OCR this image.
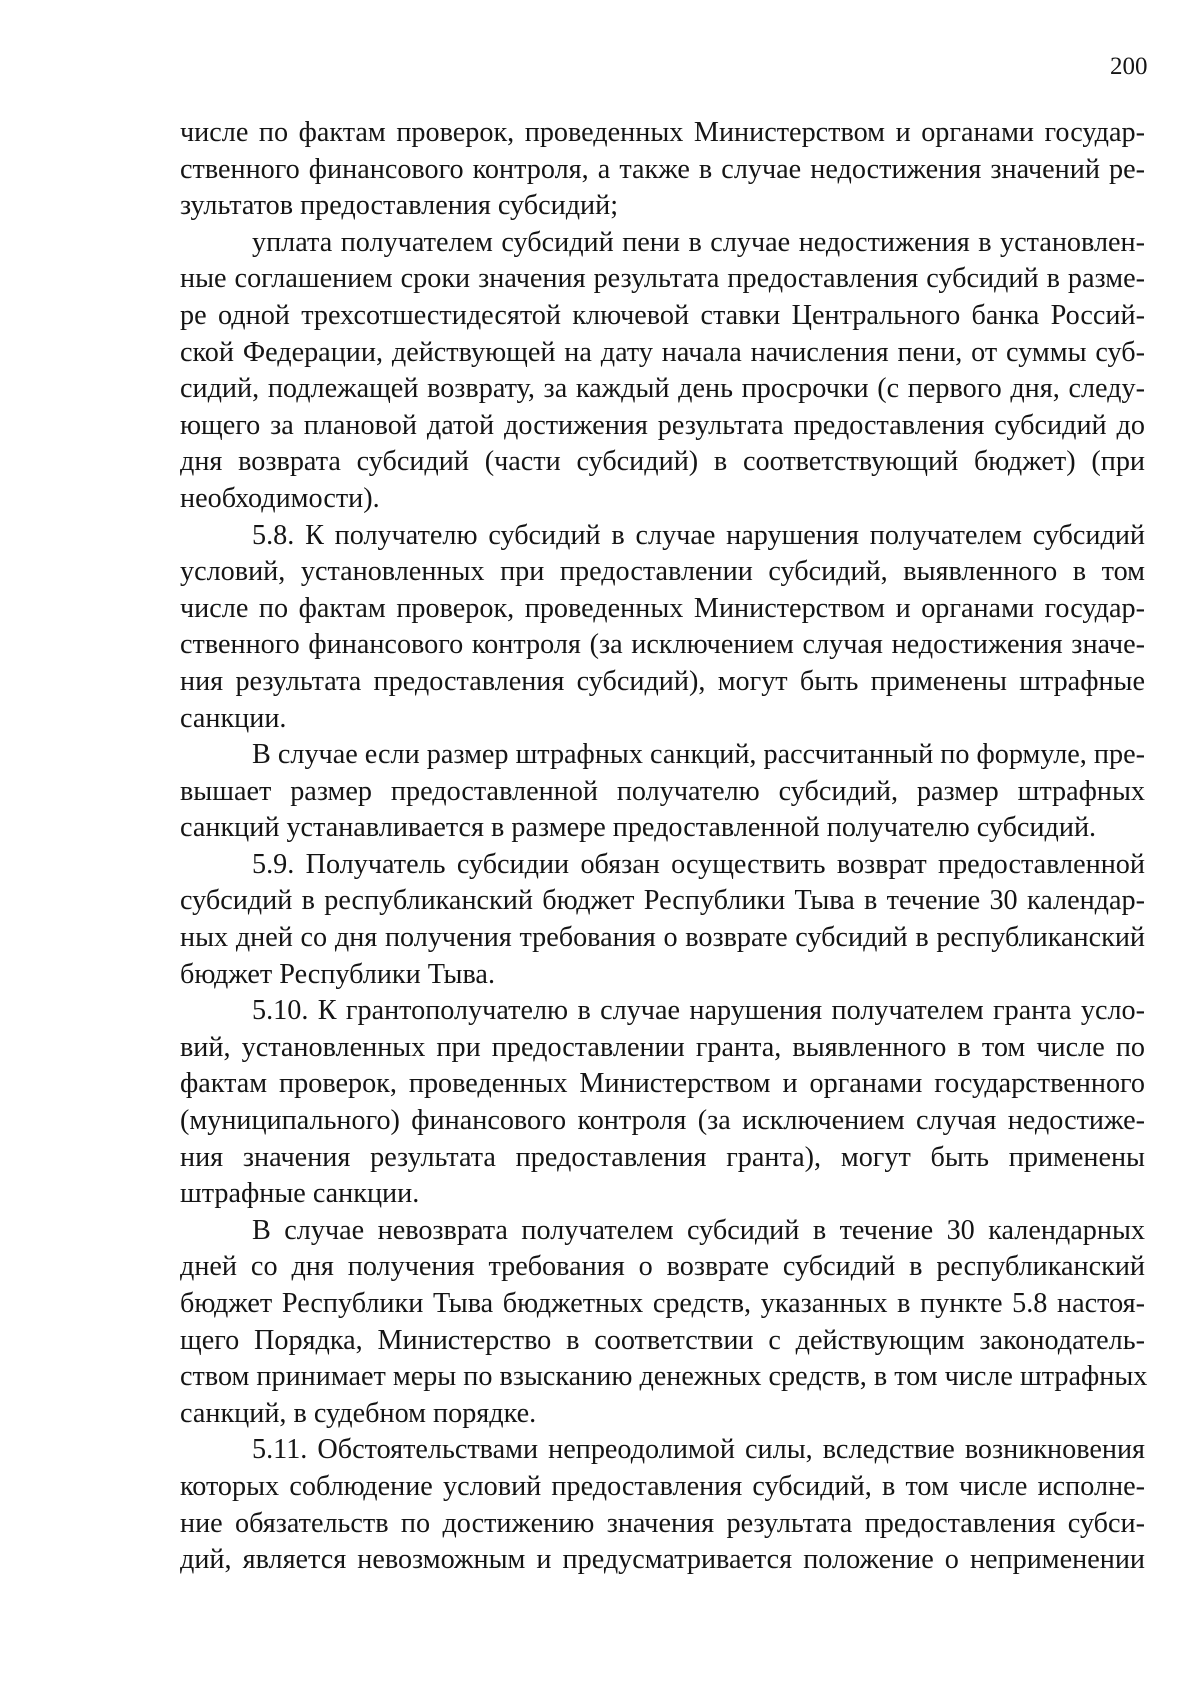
200
числе по фактам проверок, проведенных Министерством и органами государ-
ственного финансового контроля, а также в случае недостижения значений ре-
зультатов предоставления субсидий;
уплата получателем субсидий пени в случае недостижения в установлен-
ные соглашением сроки значения результата предоставления субсидий в разме-
ре одной трехсотшестидесятой ключевой ставки Центрального банка Россий-
ской Федерации, действующей на дату начала начисления пени, от суммы суб-
сидий, подлежащей возврату, за каждый день просрочки (с первого дня, следу-
ющего за плановой датой достижения результата предоставления субсидий до
дня возврата субсидий (части субсидий) в соответствующий бюджет) (при
необходимости).
5.8. К получателю субсидий в случае нарушения получателем субсидий
условий, установленных при предоставлении субсидий, выявленного в том
числе по фактам проверок, проведенных Министерством и органами государ-
ственного финансового контроля (за исключением случая недостижения значе-
ния результата предоставления субсидий), могут быть применены штрафные
санкции.
В случае если размер штрафных санкций, рассчитанный по формуле, пре-
вышает размер предоставленной получателю субсидий, размер штрафных
санкций устанавливается в размере предоставленной получателю субсидий.
5.9. Получатель субсидии обязан осуществить возврат предоставленной
субсидий в республиканский бюджет Республики Тыва в течение 30 календар-
ных дней со дня получения требования о возврате субсидий в республиканский
бюджет Республики Тыва.
5.10. К грантополучателю в случае нарушения получателем гранта усло-
вий, установленных при предоставлении гранта, выявленного в том числе по
фактам проверок, проведенных Министерством и органами государственного
(муниципального) финансового контроля (за исключением случая недостиже-
ния значения результата предоставления гранта), могут быть применены
штрафные санкции.
В случае невозврата получателем субсидий в течение 30 календарных
дней со дня получения требования о возврате субсидий в республиканский
бюджет Республики Тыва бюджетных средств, указанных в пункте 5.8 настоя-
щего Порядка, Министерство в соответствии с действующим законодатель-
ством принимает меры по взысканию денежных средств, в том числе штрафных
санкций, в судебном порядке.
5.11. Обстоятельствами непреодолимой силы, вследствие возникновения
которых соблюдение условий предоставления субсидий, в том числе исполне-
ние обязательств по достижению значения результата предоставления субси-
дий, является невозможным и предусматривается положение о неприменении
